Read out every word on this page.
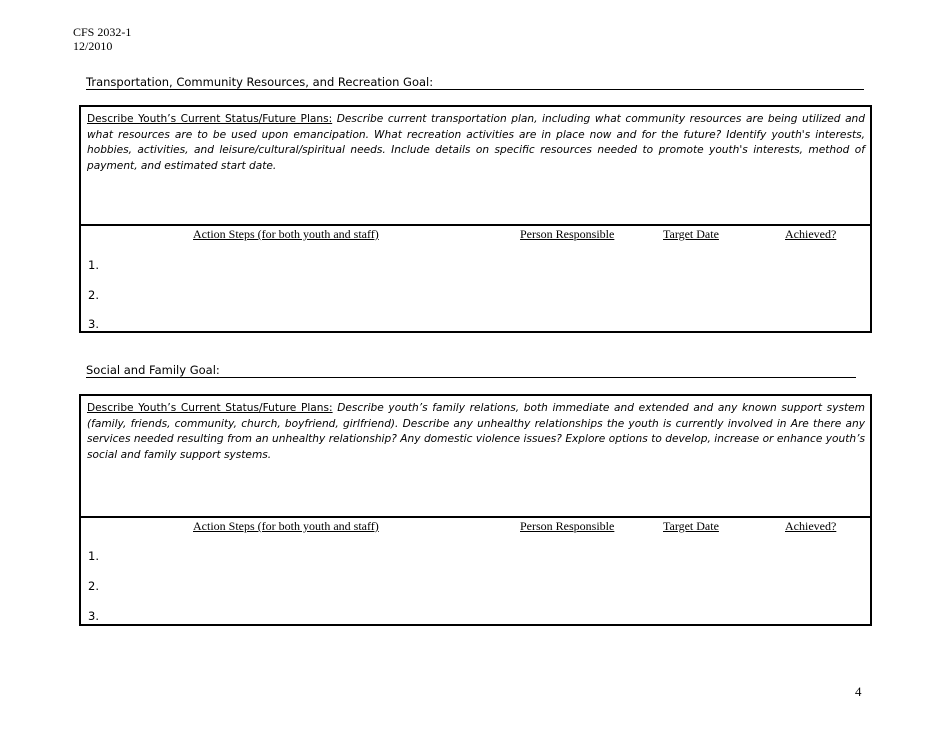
CFS 2032-1
12/2010
Transportation, Community Resources, and Recreation Goal:
Describe Youth’s Current Status/Future Plans: Describe current transportation plan, including what community resources are being utilized and what resources are to be used upon emancipation. What recreation activities are in place now and for the future? Identify youth's interests, hobbies, activities, and leisure/cultural/spiritual needs. Include details on specific resources needed to promote youth's interests, method of payment, and estimated start date.
Action Steps (for both youth and staff)	Person Responsible	Target Date	Achieved?
1.
2.
3.
Social and Family Goal:
Describe Youth’s Current Status/Future Plans: Describe youth’s family relations, both immediate and extended and any known support system (family, friends, community, church, boyfriend, girlfriend). Describe any unhealthy relationships the youth is currently involved in Are there any services needed resulting from an unhealthy relationship? Any domestic violence issues? Explore options to develop, increase or enhance youth’s social and family support systems.
Action Steps (for both youth and staff)	Person Responsible	Target Date	Achieved?
1.
2.
3.
4
